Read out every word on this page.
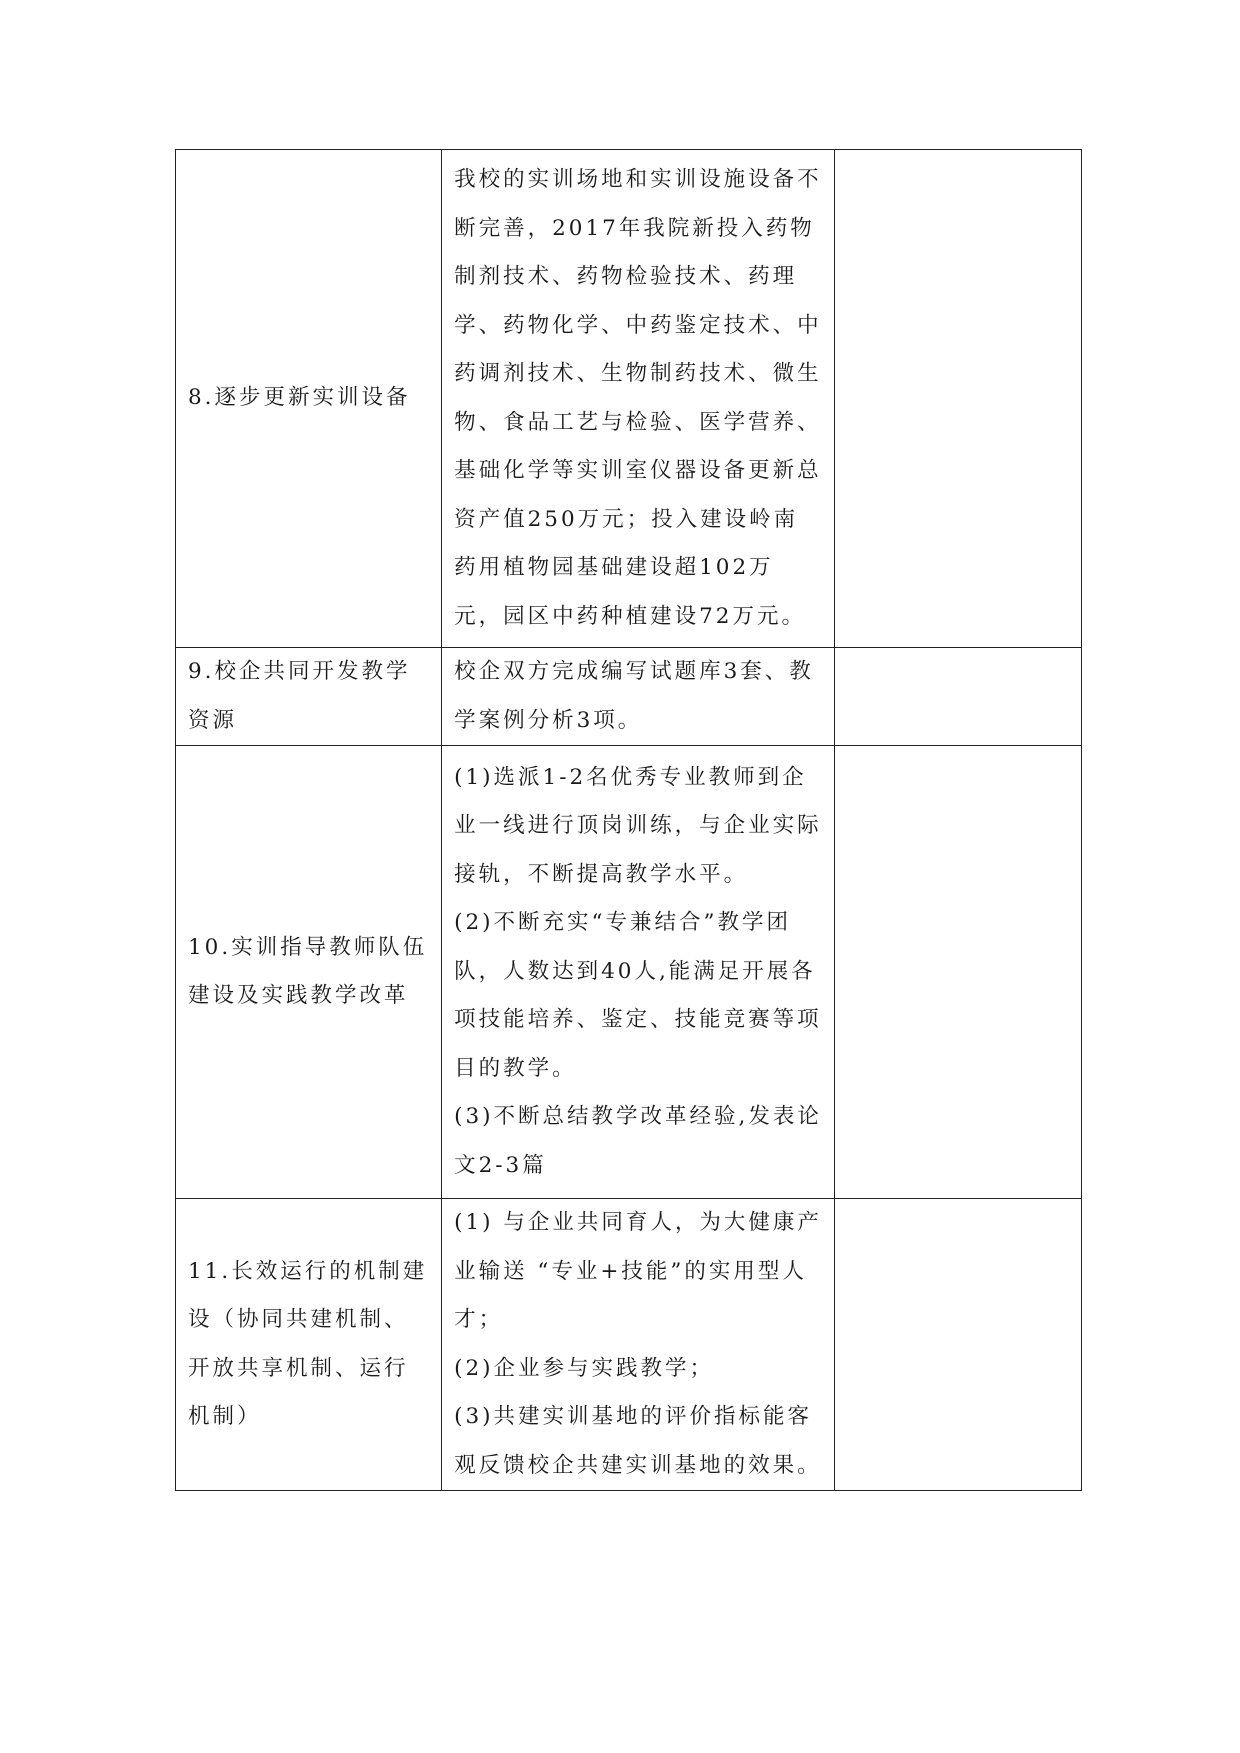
8.逐步更新实训设备	我校的实训场地和实训设施设备不断完善，2017年我院新投入药物制剂技术、药物检验技术、药理学、药物化学、中药鉴定技术、中药调剂技术、生物制药技术、微生物、食品工艺与检验、医学营养、基础化学等实训室仪器设备更新总资产值250万元；投入建设岭南药用植物园基础建设超102万元，园区中药种植建设72万元。	

9.校企共同开发教学资源	校企双方完成编写试题库3套、教学案例分析3项。	

10.实训指导教师队伍建设及实践教学改革	(1)选派1-2名优秀专业教师到企业一线进行顶岗训练，与企业实际接轨，不断提高教学水平。
(2)不断充实“专兼结合”教学团队，人数达到40人,能满足开展各项技能培养、鉴定、技能竞赛等项目的教学。
(3)不断总结教学改革经验,发表论文2-3篇	

11.长效运行的机制建设（协同共建机制、开放共享机制、运行机制）	(1) 与企业共同育人，为大健康产业输送 “专业+技能”的实用型人才；
(2)企业参与实践教学；
(3)共建实训基地的评价指标能客观反馈校企共建实训基地的效果。	
